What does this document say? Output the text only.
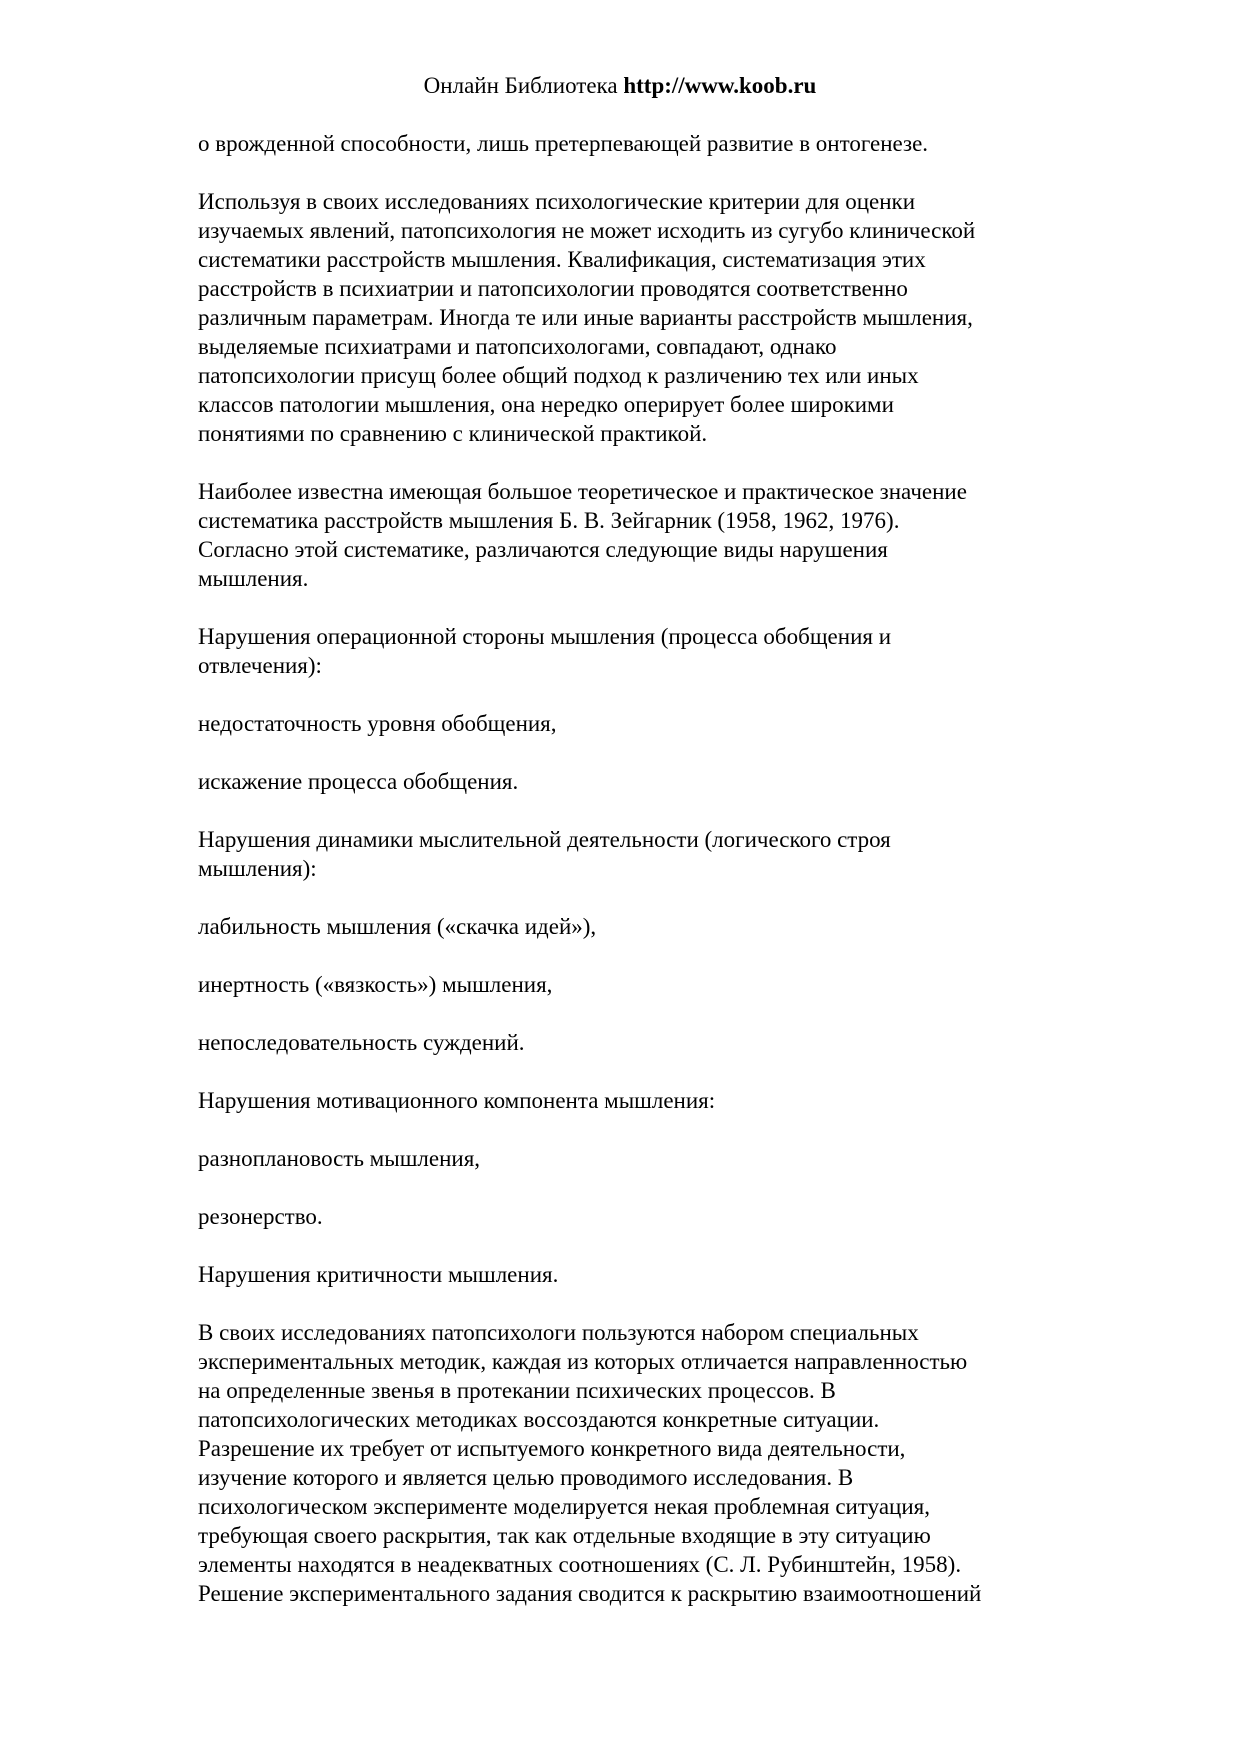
Онлайн Библиотека http://www.koob.ru

о врожденной способности, лишь претерпевающей развитие в онтогенезе.

Используя в своих исследованиях психологические критерии для оценки
изучаемых явлений, патопсихология не может исходить из сугубо клинической
систематики расстройств мышления. Квалификация, систематизация этих
расстройств в психиатрии и патопсихологии проводятся соответственно
различным параметрам. Иногда те или иные варианты расстройств мышления,
выделяемые психиатрами и патопсихологами, совпадают, однако
патопсихологии присущ более общий подход к различению тех или иных
классов патологии мышления, она нередко оперирует более широкими
понятиями по сравнению с клинической практикой.

Наиболее известна имеющая большое теоретическое и практическое значение
систематика расстройств мышления Б. В. Зейгарник (1958, 1962, 1976).
Согласно этой систематике, различаются следующие виды нарушения
мышления.

Нарушения операционной стороны мышления (процесса обобщения и
отвлечения):

недостаточность уровня обобщения,

искажение процесса обобщения.

Нарушения динамики мыслительной деятельности (логического строя
мышления):

лабильность мышления («скачка идей»),

инертность («вязкость») мышления,

непоследовательность суждений.

Нарушения мотивационного компонента мышления:

разноплановость мышления,

резонерство.

Нарушения критичности мышления.

В своих исследованиях патопсихологи пользуются набором специальных
экспериментальных методик, каждая из которых отличается направленностью
на определенные звенья в протекании психических процессов. В
патопсихологических методиках воссоздаются конкретные ситуации.
Разрешение их требует от испытуемого конкретного вида деятельности,
изучение которого и является целью проводимого исследования. В
психологическом эксперименте моделируется некая проблемная ситуация,
требующая своего раскрытия, так как отдельные входящие в эту ситуацию
элементы находятся в неадекватных соотношениях (С. Л. Рубинштейн, 1958).
Решение экспериментального задания сводится к раскрытию взаимоотношений
